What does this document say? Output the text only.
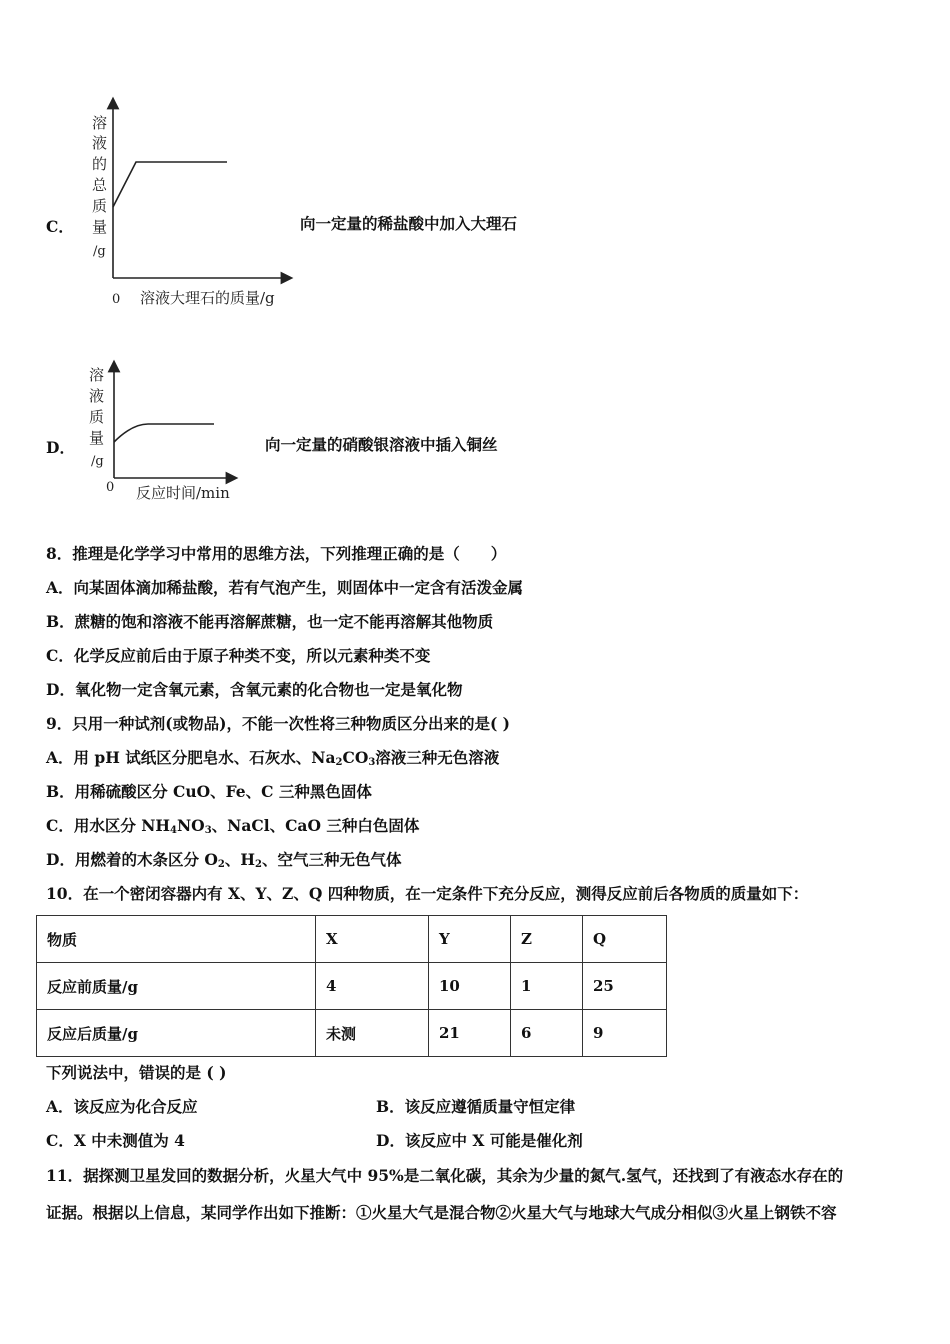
C．
溶
液
的
总
质
量
/g
0 溶液大理石的质量/g
向一定量的稀盐酸中加入大理石
D．
溶
液
质
量
/g
0 反应时间/min
向一定量的硝酸银溶液中插入铜丝
8．推理是化学学习中常用的思维方法，下列推理正确的是（　　）
A．向某固体滴加稀盐酸，若有气泡产生，则固体中一定含有活泼金属
B．蔗糖的饱和溶液不能再溶解蔗糖，也一定不能再溶解其他物质
C．化学反应前后由于原子种类不变，所以元素种类不变
D．氧化物一定含氧元素，含氧元素的化合物也一定是氧化物
9．只用一种试剂(或物品)，不能一次性将三种物质区分出来的是( )
A．用 pH 试纸区分肥皂水、石灰水、$Na_2CO_3$溶液三种无色溶液
B．用稀硫酸区分 CuO、Fe、C 三种黑色固体
C．用水区分 $NH_4NO_3$、NaCl、CaO 三种白色固体
D．用燃着的木条区分 $O_2$、$H_2$、空气三种无色气体
10．在一个密闭容器内有 X、Y、Z、Q 四种物质，在一定条件下充分反应，测得反应前后各物质的质量如下：
物质	X	Y	Z	Q
反应前质量/g	4	10	1	25
反应后质量/g	未测	21	6	9
下列说法中，错误的是 ( )
A．该反应为化合反应	B．该反应遵循质量守恒定律
C．X 中未测值为 4	D．该反应中 X 可能是催化剂
11．据探测卫星发回的数据分析，火星大气中 95%是二氧化碳，其余为少量的氮气.氢气，还找到了有液态水存在的
证据。根据以上信息，某同学作出如下推断：①火星大气是混合物②火星大气与地球大气成分相似③火星上钢铁不容
